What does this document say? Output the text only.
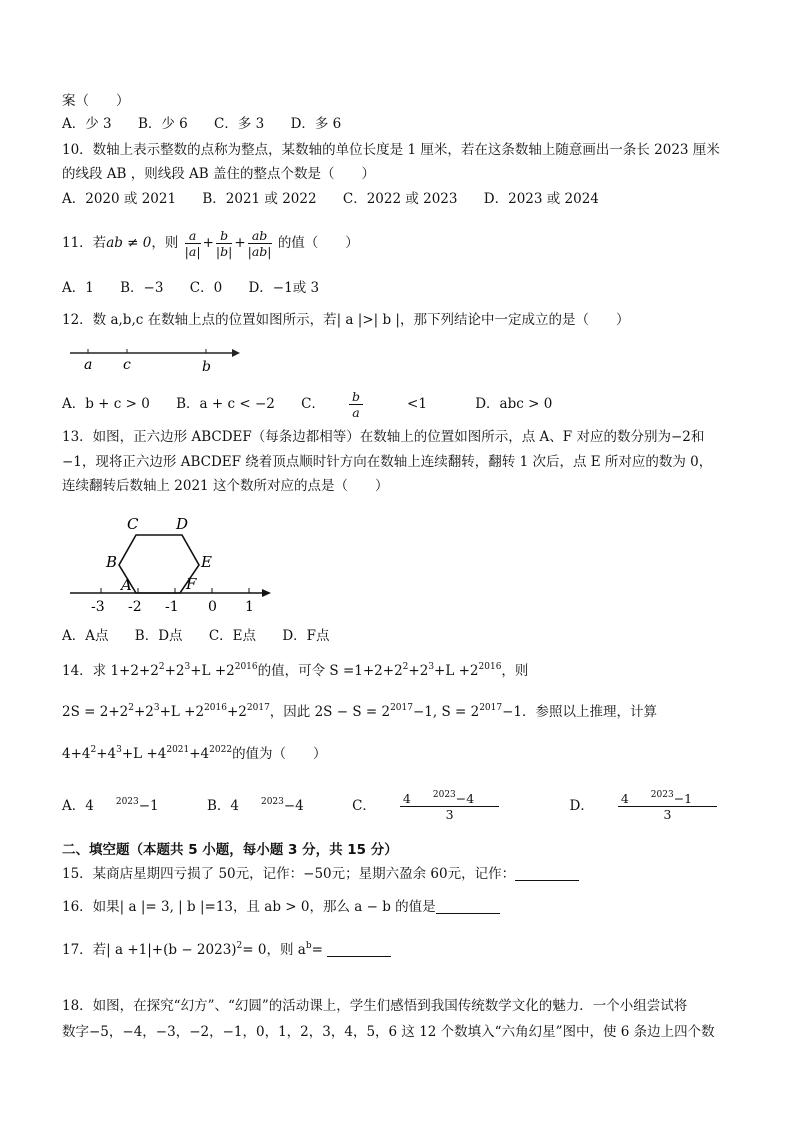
案（　　）
A．少 3 B．少 6 C．多 3 D．多 6
10．数轴上表示整数的点称为整点，某数轴的单位长度是 1 厘米，若在这条数轴上随意画出一条长 2023 厘米
的线段 AB ，则线段 AB 盖住的整点个数是（　　）
A．2020 或 2021 B．2021 或 2022 C．2022 或 2023 D．2023 或 2024
11．若ab ≠ 0，则 $\frac{a}{|a|} + \frac{b}{|b|} + \frac{ab}{|ab|}$ 的值（　　）
A．1 B．−3 C．0 D．−1或 3
12．数 a,b,c 在数轴上点的位置如图所示，若| a |>| b |，那下列结论中一定成立的是（　　）
a c	b
A．b + c > 0 B．a + c < −2 C． $\frac{b}{a} <1$	D．abc > 0
13．如图，正六边形 ABCDEF（每条边都相等）在数轴上的位置如图所示，点 A、F 对应的数分别为−2和
−1，现将正六边形 ABCDEF 绕着顶点顺时针方向在数轴上连续翻转，翻转 1 次后，点 E 所对应的数为 0，
连续翻转后数轴上 2021 这个数所对应的点是（　　）
A
B
C	D
E
F
-3 -2 -1 0 1
A．A点 B．D点 C．E点 D．F点
14．求 $1+2+2^2+2^3+L +2^{2016}$的值，可令 $S =1+2+2^2+2^3+L +2^{2016}$，则
$2S = 2+2^2+2^3+L +2^{2016}+2^{2017}$，因此 $2S - S = 2^{2017}-1$, $S = 2^{2017}-1$．参照以上推理，计算
$4+4^2+4^3+L +4^{2021}+4^{2022}$的值为（　　）
A．4 $^{2023}$−1	B．4 $^{2023}$−4	C． $\frac{4 ^{2023}-4}{3}$	D． $\frac{4 ^{2023}-1}{3}$
二、填空题（本题共 5 小题，每小题 3 分，共 15 分）
15．某商店星期四亏损了 50元，记作：−50元；星期六盈余 60元，记作：
16．如果| a |= 3, | b |=13，且 ab > 0，那么 a − b 的值是
17．若| $a +1|+(b - 2023)^2= 0$，则 $a^b=$
18．如图，在探究“幻方”、“幻圆”的活动课上，学生们感悟到我国传统数学文化的魅力．一个小组尝试将
数字−5，−4，−3，−2，−1，0，1，2，3，4，5，6 这 12 个数填入“六角幻星”图中，使 6 条边上四个数
